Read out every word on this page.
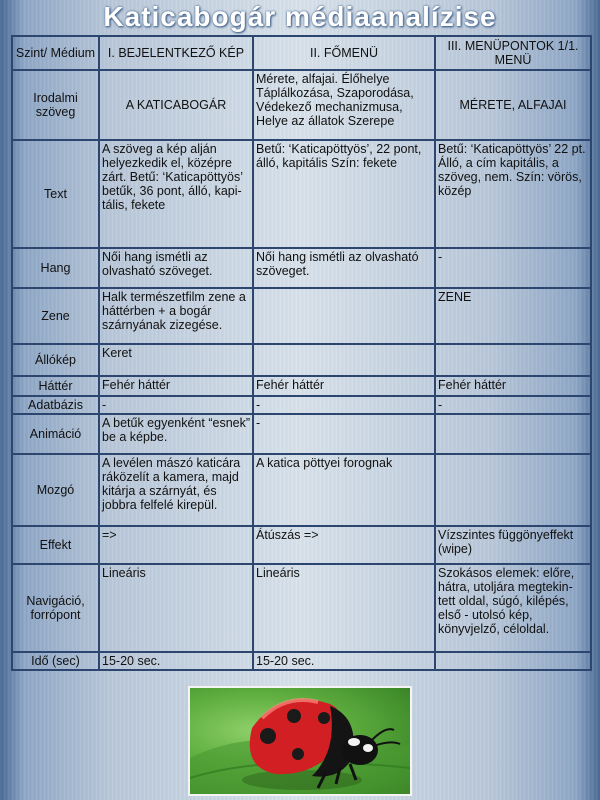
Katicabogár médiaanalízise
Szint/ Médium	I. BEJELENTKEZŐ KÉP	II. FŐMENÜ	III. MENÜPONTOK 1/1. MENÜ
Irodalmi szöveg	A KATICABOGÁR	Mérete, alfajai. Élőhelye Táplálkozása, Szaporodása, Védekező mechanizmusa, Helye az állatok Szerepe	MÉRETE, ALFAJAI
Text	A szöveg a kép alján helyezkedik el, középre zárt. Betű: ‘Katicapöttyös’ betűk, 36 pont, álló, kapi-tális, fekete	Betű: ‘Katicapöttyös’, 22 pont, álló, kapitális Szín: fekete	Betű: ‘Katicapöttyös’ 22 pt. Álló, a cím kapitális, a szöveg, nem. Szín: vörös, közép
Hang	Női hang ismétli az olvasható szöveget.	Női hang ismétli az olvasható szöveget.	-
Zene	Halk természetfilm zene a háttérben + a bogár szárnyának zizegése.		ZENE
Állókép	Keret		
Háttér	Fehér háttér	Fehér háttér	Fehér háttér
Adatbázis	-	-	-
Animáció	A betűk egyenként “esnek” be a képbe.	-	
Mozgó	A levélen mászó katicára ráközelít a kamera, majd kitárja a szárnyát, és jobbra felfelé kirepül.	A katica pöttyei forognak	
Effekt	=>	Átúszás =>	Vízszintes függönyeffekt (wipe)
Navigáció, forrópont	Lineáris	Lineáris	Szokásos elemek: előre, hátra, utoljára megtekin-tett oldal, súgó, kilépés, első - utolsó kép, könyvjelző, céloldal.
Idő (sec)	15-20 sec.	15-20 sec.	
